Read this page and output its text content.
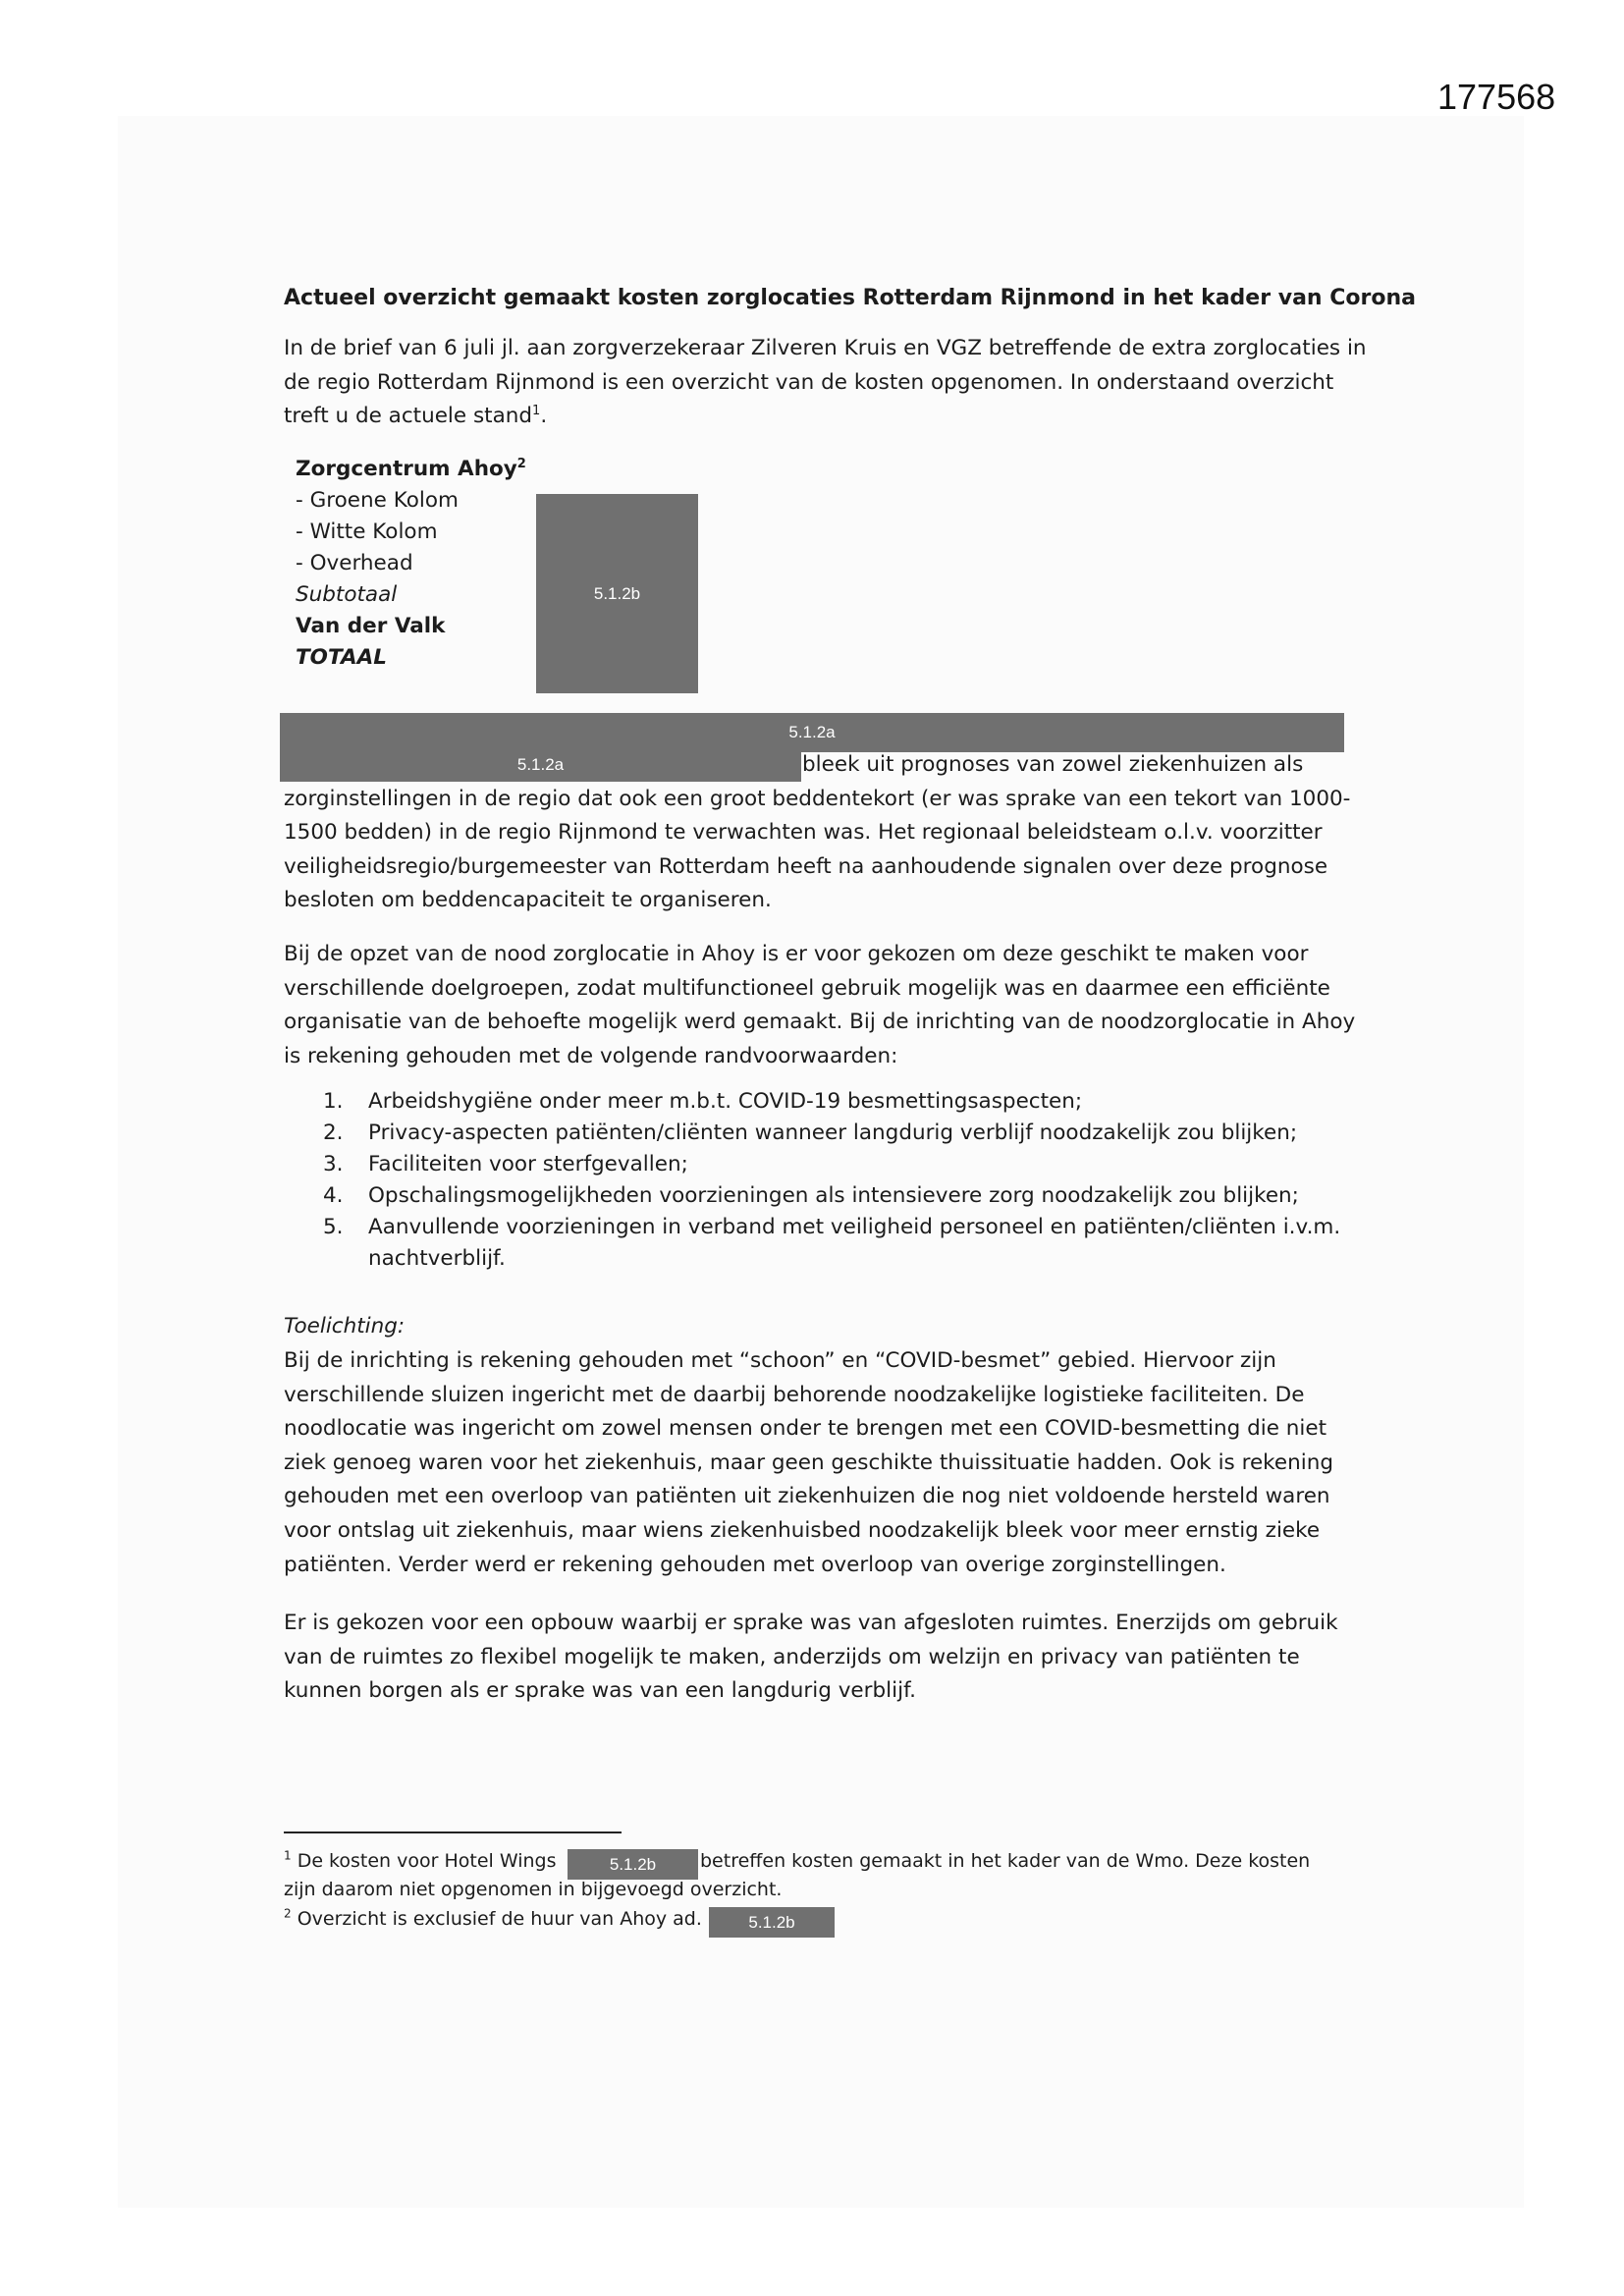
177568
Actueel overzicht gemaakt kosten zorglocaties Rotterdam Rijnmond in het kader van Corona

In de brief van 6 juli jl. aan zorgverzekeraar Zilveren Kruis en VGZ betreffende de extra zorglocaties in
de regio Rotterdam Rijnmond is een overzicht van de kosten opgenomen. In onderstaand overzicht
treft u de actuele stand$^1$.

Zorgcentrum Ahoy$^2$
- Groene Kolom
- Witte Kolom
- Overhead
Subtotaal
Van der Valk
TOTAAL
5.1.2b
5.1.2a
5.1.2a	bleek uit prognoses van zowel ziekenhuizen als
zorginstellingen in de regio dat ook een groot beddentekort (er was sprake van een tekort van 1000-
1500 bedden) in de regio Rijnmond te verwachten was. Het regionaal beleidsteam o.l.v. voorzitter
veiligheidsregio/burgemeester van Rotterdam heeft na aanhoudende signalen over deze prognose
besloten om beddencapaciteit te organiseren.

Bij de opzet van de nood zorglocatie in Ahoy is er voor gekozen om deze geschikt te maken voor
verschillende doelgroepen, zodat multifunctioneel gebruik mogelijk was en daarmee een efficiënte
organisatie van de behoefte mogelijk werd gemaakt. Bij de inrichting van de noodzorglocatie in Ahoy
is rekening gehouden met de volgende randvoorwaarden:

1.	Arbeidshygiëne onder meer m.b.t. COVID-19 besmettingsaspecten;
2.	Privacy-aspecten patiënten/cliënten wanneer langdurig verblijf noodzakelijk zou blijken;
3.	Faciliteiten voor sterfgevallen;
4.	Opschalingsmogelijkheden voorzieningen als intensievere zorg noodzakelijk zou blijken;
5.	Aanvullende voorzieningen in verband met veiligheid personeel en patiënten/cliënten i.v.m.
nachtverblijf.

Toelichting:

Bij de inrichting is rekening gehouden met “schoon” en “COVID-besmet” gebied. Hiervoor zijn
verschillende sluizen ingericht met de daarbij behorende noodzakelijke logistieke faciliteiten. De
noodlocatie was ingericht om zowel mensen onder te brengen met een COVID-besmetting die niet
ziek genoeg waren voor het ziekenhuis, maar geen geschikte thuissituatie hadden. Ook is rekening
gehouden met een overloop van patiënten uit ziekenhuizen die nog niet voldoende hersteld waren
voor ontslag uit ziekenhuis, maar wiens ziekenhuisbed noodzakelijk bleek voor meer ernstig zieke
patiënten. Verder werd er rekening gehouden met overloop van overige zorginstellingen.

Er is gekozen voor een opbouw waarbij er sprake was van afgesloten ruimtes. Enerzijds om gebruik
van de ruimtes zo flexibel mogelijk te maken, anderzijds om welzijn en privacy van patiënten te
kunnen borgen als er sprake was van een langdurig verblijf.

$^1$ De kosten voor Hotel Wings	5.1.2b	betreffen kosten gemaakt in het kader van de Wmo. Deze kosten
zijn daarom niet opgenomen in bijgevoegd overzicht.
$^2$ Overzicht is exclusief de huur van Ahoy ad.	5.1.2b
